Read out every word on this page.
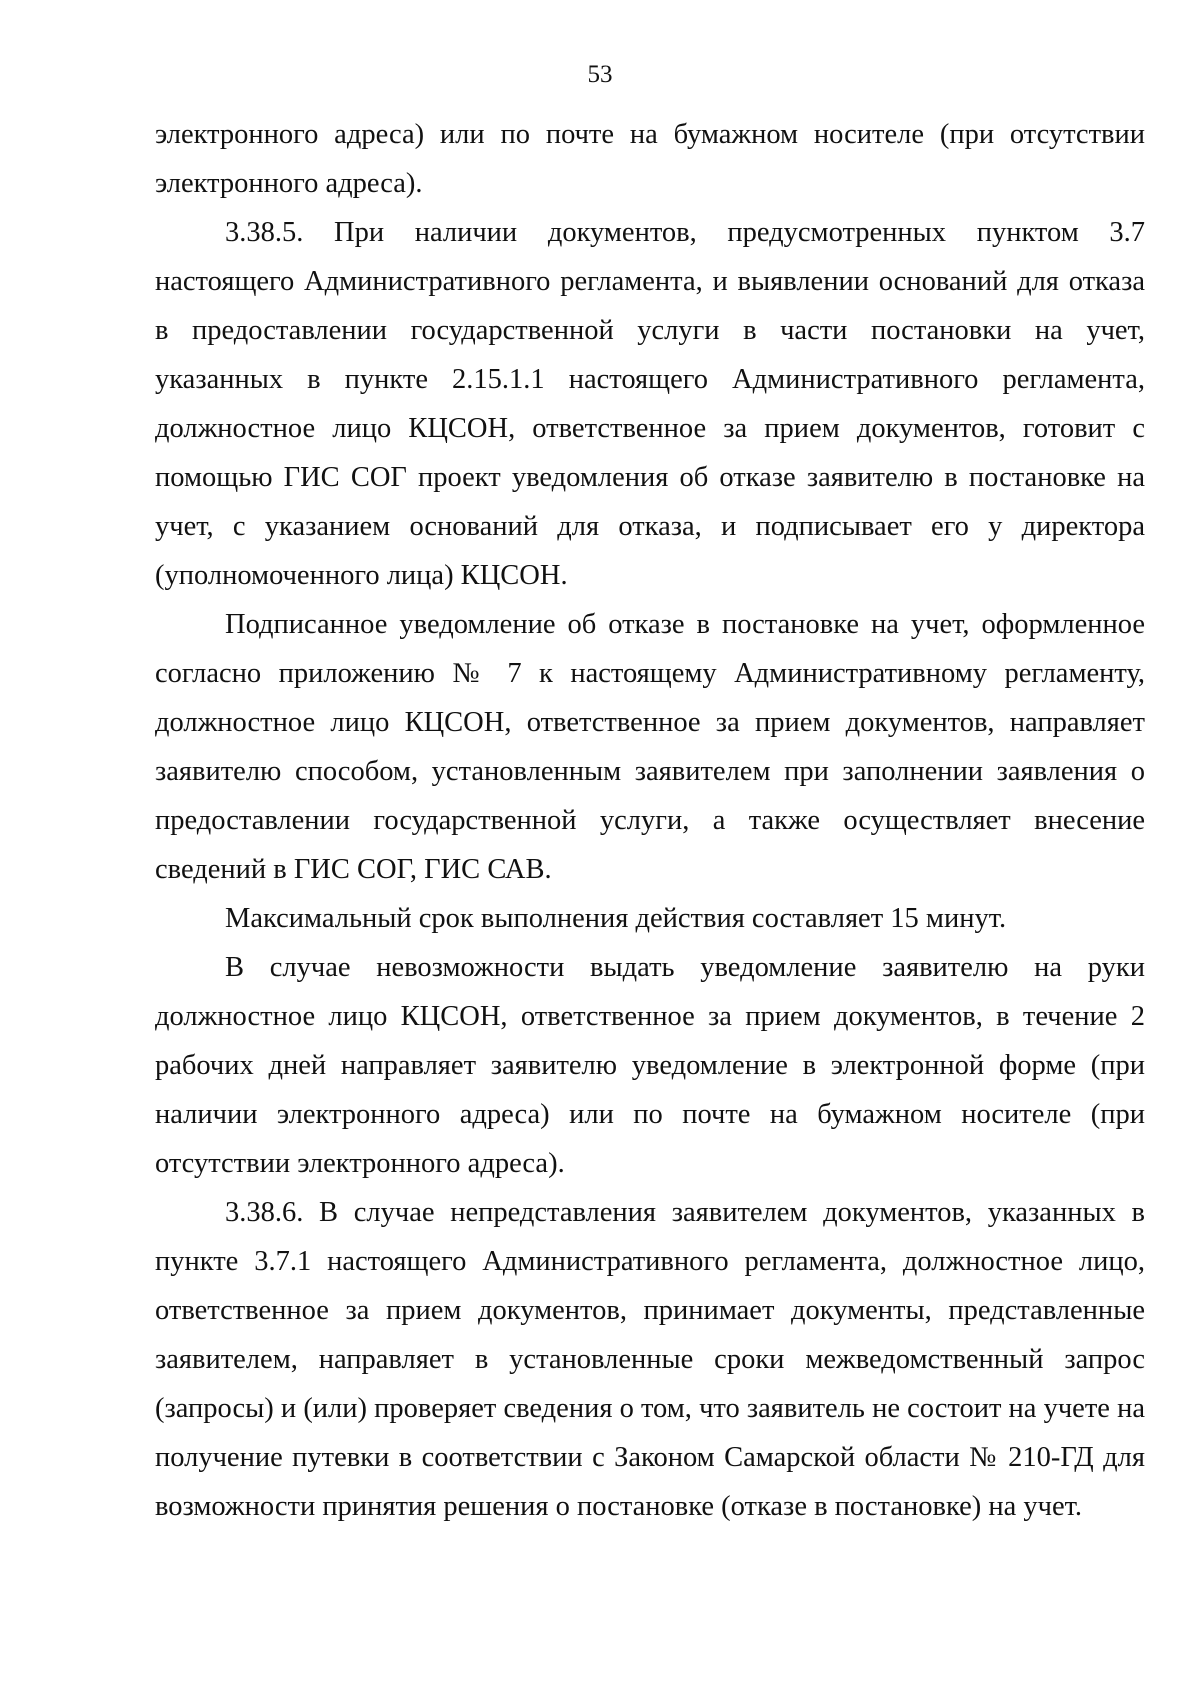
53

электронного адреса) или по почте на бумажном носителе (при отсутствии электронного адреса).

3.38.5. При наличии документов, предусмотренных пунктом 3.7 настоящего Административного регламента, и выявлении оснований для отказа в предоставлении государственной услуги в части постановки на учет, указанных в пункте 2.15.1.1 настоящего Административного регламента, должностное лицо КЦСОН, ответственное за прием документов, готовит с помощью ГИС СОГ проект уведомления об отказе заявителю в постановке на учет, с указанием оснований для отказа, и подписывает его у директора (уполномоченного лица) КЦСОН.

Подписанное уведомление об отказе в постановке на учет, оформленное согласно приложению № 7 к настоящему Административному регламенту, должностное лицо КЦСОН, ответственное за прием документов, направляет заявителю способом, установленным заявителем при заполнении заявления о предоставлении государственной услуги, а также осуществляет внесение сведений в ГИС СОГ, ГИС САВ.

Максимальный срок выполнения действия составляет 15 минут.

В случае невозможности выдать уведомление заявителю на руки должностное лицо КЦСОН, ответственное за прием документов, в течение 2 рабочих дней направляет заявителю уведомление в электронной форме (при наличии электронного адреса) или по почте на бумажном носителе (при отсутствии электронного адреса).

3.38.6. В случае непредставления заявителем документов, указанных в пункте 3.7.1 настоящего Административного регламента, должностное лицо, ответственное за прием документов, принимает документы, представленные заявителем, направляет в установленные сроки межведомственный запрос (запросы) и (или) проверяет сведения о том, что заявитель не состоит на учете на получение путевки в соответствии с Законом Самарской области № 210-ГД для возможности принятия решения о постановке (отказе в постановке) на учет.
